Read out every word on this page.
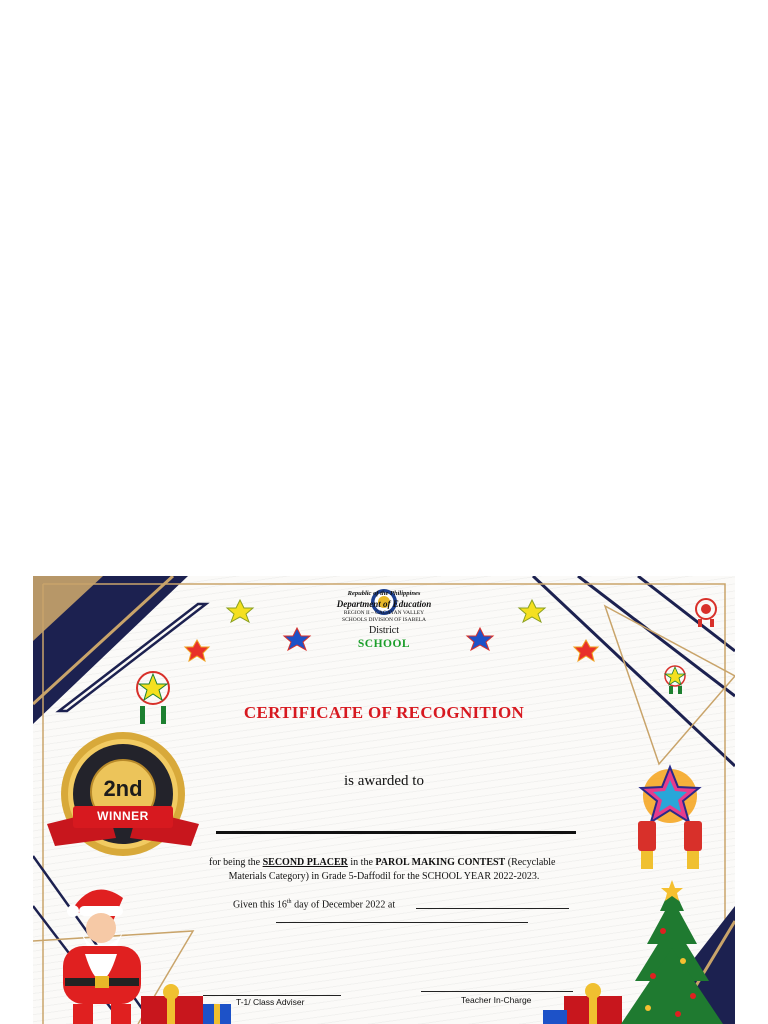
2nd
WINNER
Republic of the Philippines
Department of Education
REGION II – CAGAYAN VALLEY
SCHOOLS DIVISION OF ISABELA
District
SCHOOL
CERTIFICATE OF RECOGNITION
is awarded to
for being the SECOND PLACER in the PAROL MAKING CONTEST (Recyclable
Materials Category) in Grade 5-Daffodil for the SCHOOL YEAR 2022-2023.
Given this 16th day of December 2022 at
T-1/ Class Adviser	Teacher In-Charge
